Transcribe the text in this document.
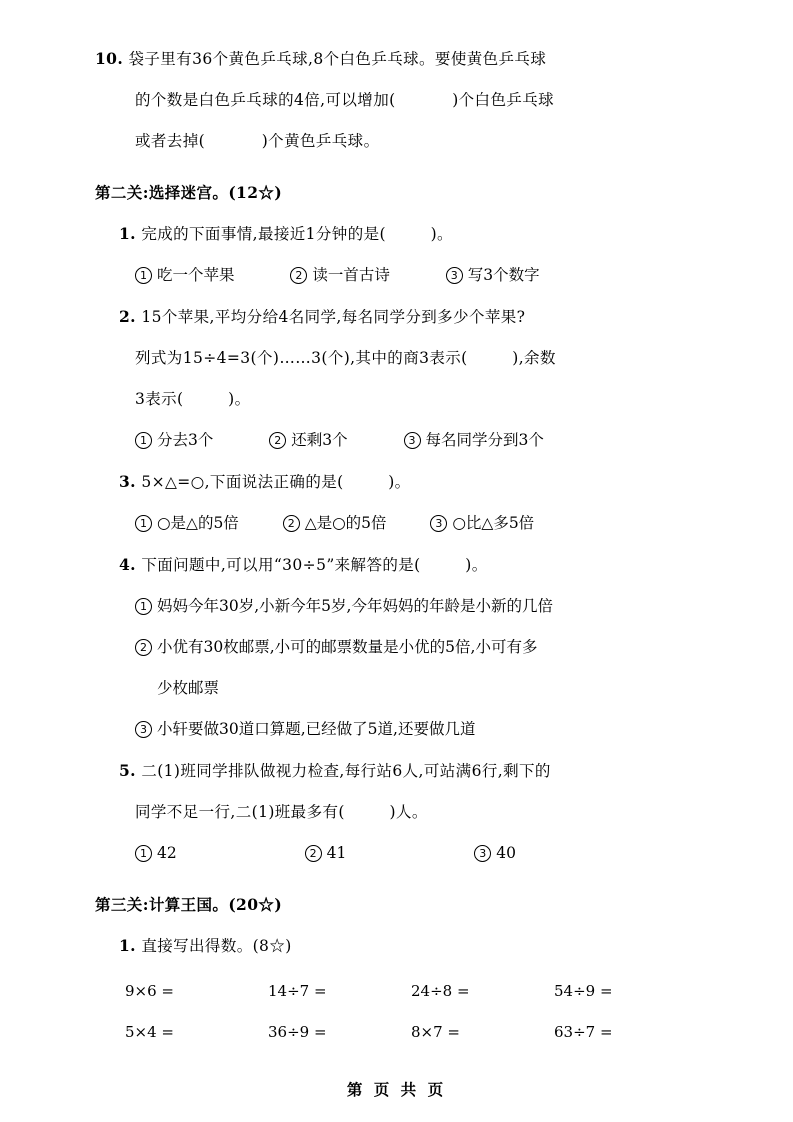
10. 袋子里有36个黄色乒乓球,8个白色乒乓球。要使黄色乒乓球
的个数是白色乒乓球的4倍,可以增加(	)个白色乒乓球
或者去掉(	)个黄色乒乓球。
第二关:选择迷宫。(12☆)
1. 完成的下面事情,最接近1分钟的是(	)。
1 吃一个苹果	2 读一首古诗	3 写3个数字
2. 15个苹果,平均分给4名同学,每名同学分到多少个苹果?
列式为15÷4=3(个)……3(个),其中的商3表示(	),余数
3表示(	)。
1 分去3个	2 还剩3个	3 每名同学分到3个
3. 5×△=○,下面说法正确的是(	)。
1 ○是△的5倍	2 △是○的5倍	3 ○比△多5倍
4. 下面问题中,可以用“30÷5”来解答的是(	)。
1 妈妈今年30岁,小新今年5岁,今年妈妈的年龄是小新的几倍
2 小优有30枚邮票,小可的邮票数量是小优的5倍,小可有多
少枚邮票
3 小轩要做30道口算题,已经做了5道,还要做几道
5. 二(1)班同学排队做视力检查,每行站6人,可站满6行,剩下的
同学不足一行,二(1)班最多有(	)人。
1 42	2 41	3 40
第三关:计算王国。(20☆)
1. 直接写出得数。(8☆)
9×6 =	14÷7 =	24÷8 =	54÷9 =
5×4 =	36÷9 =	8×7 =	63÷7 =
第 页 共 页
